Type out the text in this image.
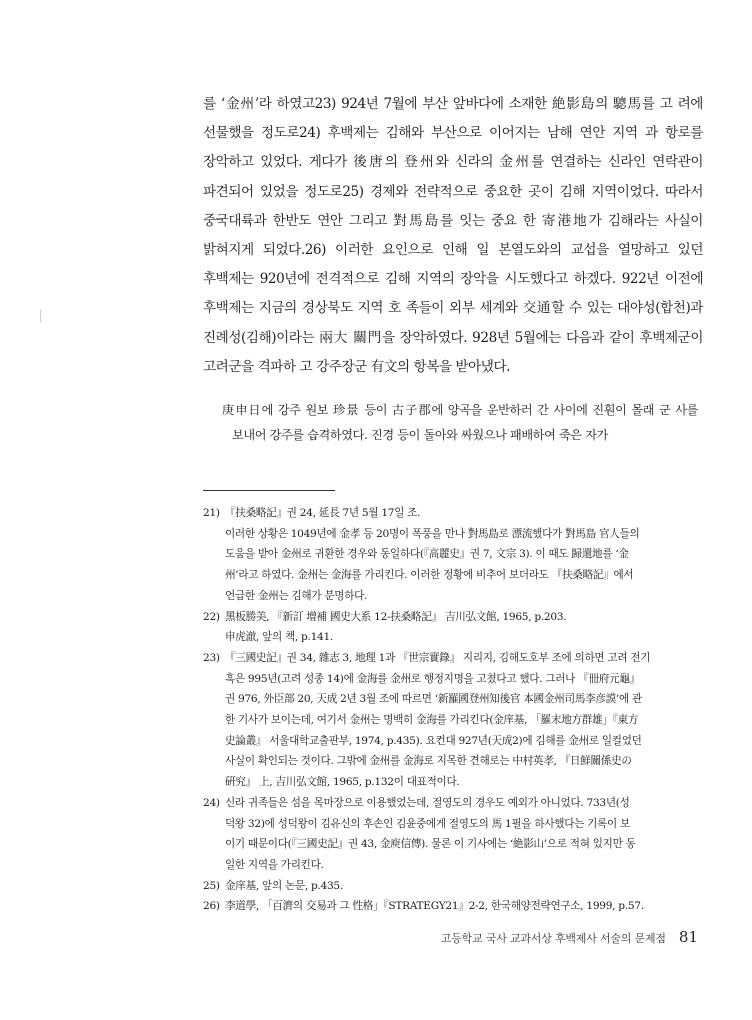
를 ‘金州’라 하였고23) 924년 7월에 부산 앞바다에 소재한 絶影島의 驄馬를 고 려에 선물했을 정도로24) 후백제는 김해와 부산으로 이어지는 남해 연안 지역 과 항로를 장악하고 있었다. 게다가 後唐의 登州와 신라의 金州를 연결하는 신라인 연락관이 파견되어 있었을 정도로25) 경제와 전략적으로 중요한 곳이 김해 지역이었다. 따라서 중국대륙과 한반도 연안 그리고 對馬島를 잇는 중요 한 寄港地가 김해라는 사실이 밝혀지게 되었다.26) 이러한 요인으로 인해 일 본열도와의 교섭을 열망하고 있던 후백제는 920년에 전격적으로 김해 지역의 장악을 시도했다고 하겠다. 922년 이전에 후백제는 지금의 경상북도 지역 호 족들이 외부 세계와 交通할 수 있는 대야성(합천)과 진례성(김해)이라는 兩大 關門을 장악하였다. 928년 5월에는 다음과 같이 후백제군이 고려군을 격파하 고 강주장군 有文의 항복을 받아냈다.

庚申日에 강주 원보 珍景 등이 古子郡에 양곡을 운반하러 간 사이에 진훤이 몰래 군 사를 보내어 강주를 습격하였다. 진경 등이 돌아와 싸웠으나 패배하여 죽은 자가

21) 『扶桑略記』권 24, 延長 7년 5월 17일 조.
이러한 상황은 1049년에 金孝 등 20명이 폭풍을 만나 對馬島로 漂流했다가 對馬島 官人들의
도움을 받아 金州로 귀환한 경우와 동일하다(『高麗史』권 7, 文宗 3). 이 때도 歸還地를 ‘金
州’라고 하였다. 金州는 金海를 가리킨다. 이러한 정황에 비추어 보더라도 『扶桑略記』에서
언급한 金州는 김해가 분명하다.
22) 黑板勝美, 『新訂 增補 國史大系 12-扶桑略記』 吉川弘文館, 1965, p.203.
申虎澈, 앞의 책, p.141.
23) 『三國史記』권 34, 雜志 3, 地理 1과 『世宗實錄』 지리지, 김해도호부 조에 의하면 고려 전기
혹은 995년(고려 성종 14)에 金海를 金州로 행정지명을 고쳤다고 했다. 그러나 『冊府元龜』
권 976, 外臣部 20, 天成 2년 3월 조에 따르면 ‘新羅國登州知後官 本國金州司馬李彦謨’에 관
한 기사가 보이는데, 여기서 金州는 명백히 金海를 가리킨다(金庠基, 「羅末地方群雄」『東方
史論叢』 서울대학교출판부, 1974, p.435). 요컨대 927년(天成2)에 김해를 金州로 일컬었던
사실이 확인되는 것이다. 그밖에 金州를 金海로 지목한 견해로는 中村英孝, 『日鮮關係史の
硏究』 上, 吉川弘文館, 1965, p.132이 대표적이다.
24) 신라 귀족들은 섬을 목마장으로 이용했었는데, 절영도의 경우도 예외가 아니었다. 733년(성
덕왕 32)에 성덕왕이 김유신의 후손인 김윤중에게 절영도의 馬 1필을 하사했다는 기록이 보
이기 때문이다(『三國史記』권 43, 金庾信傳). 물론 이 기사에는 ‘絶影山’으로 적혀 있지만 동
일한 지역을 가리킨다.
25) 金庠基, 앞의 논문, p.435.
26) 李道學, 「百濟의 交易과 그 性格」『STRATEGY21』2-2, 한국해양전략연구소, 1999, p.57.
고등학교 국사 교과서상 후백제사 서술의 문제점 81
